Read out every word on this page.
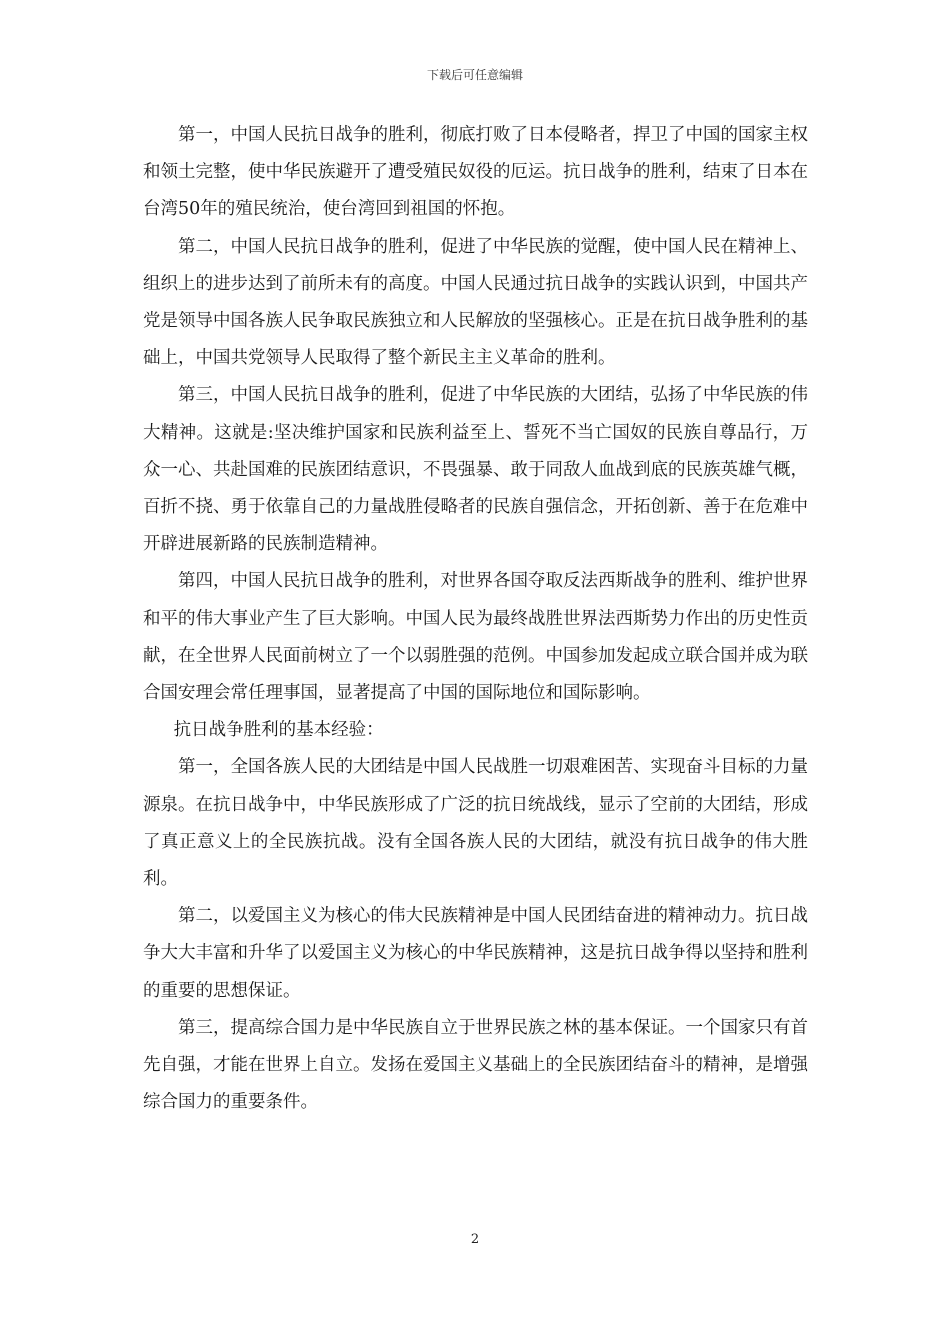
下载后可任意编辑

第一，中国人民抗日战争的胜利，彻底打败了日本侵略者，捍卫了中国的国家主权和领土完整，使中华民族避开了遭受殖民奴役的厄运。抗日战争的胜利，结束了日本在台湾50年的殖民统治，使台湾回到祖国的怀抱。

第二，中国人民抗日战争的胜利，促进了中华民族的觉醒，使中国人民在精神上、组织上的进步达到了前所未有的高度。中国人民通过抗日战争的实践认识到，中国共产党是领导中国各族人民争取民族独立和人民解放的坚强核心。正是在抗日战争胜利的基础上，中国共党领导人民取得了整个新民主主义革命的胜利。

第三，中国人民抗日战争的胜利，促进了中华民族的大团结，弘扬了中华民族的伟大精神。这就是:坚决维护国家和民族利益至上、誓死不当亡国奴的民族自尊品行，万众一心、共赴国难的民族团结意识，不畏强暴、敢于同敌人血战到底的民族英雄气概，百折不挠、勇于依靠自己的力量战胜侵略者的民族自强信念，开拓创新、善于在危难中开辟进展新路的民族制造精神。

第四，中国人民抗日战争的胜利，对世界各国夺取反法西斯战争的胜利、维护世界和平的伟大事业产生了巨大影响。中国人民为最终战胜世界法西斯势力作出的历史性贡献，在全世界人民面前树立了一个以弱胜强的范例。中国参加发起成立联合国并成为联合国安理会常任理事国，显著提高了中国的国际地位和国际影响。

抗日战争胜利的基本经验：

第一，全国各族人民的大团结是中国人民战胜一切艰难困苦、实现奋斗目标的力量源泉。在抗日战争中，中华民族形成了广泛的抗日统战线，显示了空前的大团结，形成了真正意义上的全民族抗战。没有全国各族人民的大团结，就没有抗日战争的伟大胜利。

第二，以爱国主义为核心的伟大民族精神是中国人民团结奋进的精神动力。抗日战争大大丰富和升华了以爱国主义为核心的中华民族精神，这是抗日战争得以坚持和胜利的重要的思想保证。

第三，提高综合国力是中华民族自立于世界民族之林的基本保证。一个国家只有首先自强，才能在世界上自立。发扬在爱国主义基础上的全民族团结奋斗的精神，是增强综合国力的重要条件。

2
